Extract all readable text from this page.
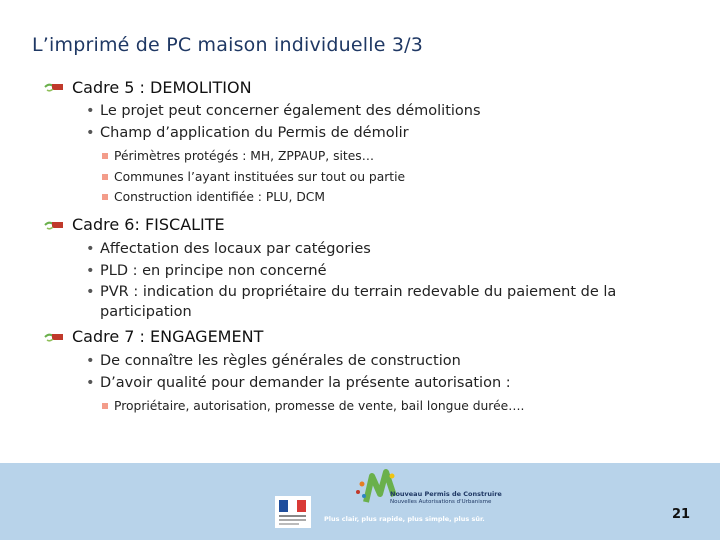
L’imprimé de PC maison individuelle 3/3
Cadre 5 : DEMOLITION
• Le projet peut concerner également des démolitions
• Champ d’application du Permis de démolir
• Périmètres protégés : MH, ZPPAUP, sites…
Communes l’ayant instituées sur tout ou partie
Construction identifiée : PLU, DCM
Cadre 6: FISCALITE
• Affectation des locaux par catégories
• PLD : en principe non concerné
• PVR : indication du propriétaire du terrain redevable du paiement de la participation
Cadre 7 : ENGAGEMENT
• De connaître les règles générales de construction
• D’avoir qualité pour demander la présente autorisation :
• Propriétaire, autorisation, promesse de vente, bail longue durée….
Nouveau Permis de Construire
Nouvelles Autorisations d'Urbanisme
Plus clair, plus rapide, plus simple, plus sûr.	21
